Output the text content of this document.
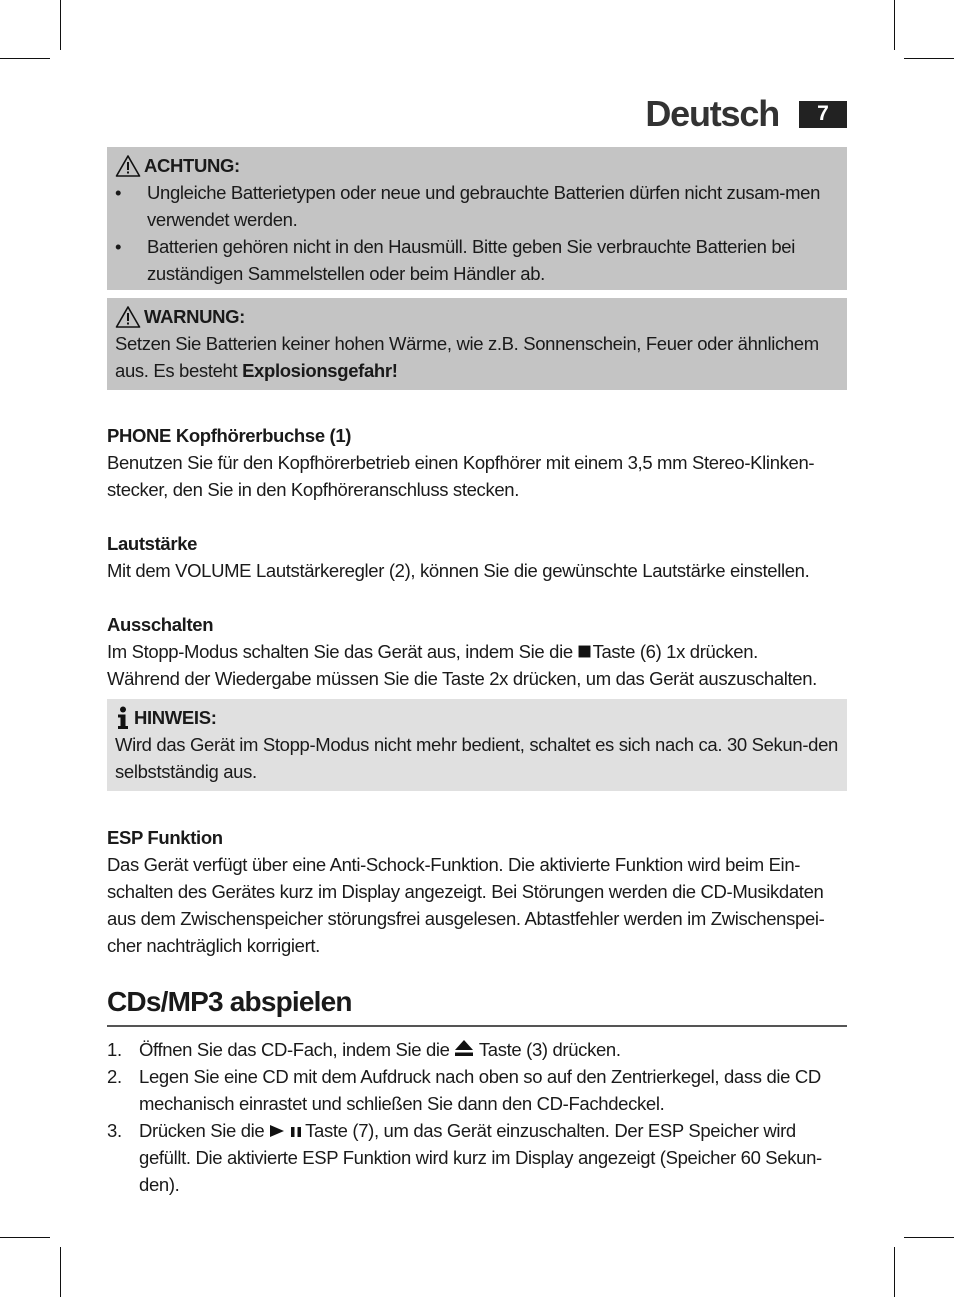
Deutsch	7
ACHTUNG:
• Ungleiche Batterietypen oder neue und gebrauchte Batterien dürfen nicht zusam-men verwendet werden.
• Batterien gehören nicht in den Hausmüll. Bitte geben Sie verbrauchte Batterien bei zuständigen Sammelstellen oder beim Händler ab.
WARNUNG:

Setzen Sie Batterien keiner hohen Wärme, wie z.B. Sonnenschein, Feuer oder ähnlichem aus. Es besteht Explosionsgefahr!

PHONE Kopfhörerbuchse (1)

Benutzen Sie für den Kopfhörerbetrieb einen Kopfhörer mit einem 3,5 mm Stereo-Klinken-stecker, den Sie in den Kopfhöreranschluss stecken.

Lautstärke

Mit dem VOLUME Lautstärkeregler (2), können Sie die gewünschte Lautstärke einstellen.

Ausschalten

Im Stopp-Modus schalten Sie das Gerät aus, indem Sie die Taste (6) 1x drücken.

Während der Wiedergabe müssen Sie die Taste 2x drücken, um das Gerät auszuschalten.

HINWEIS:

Wird das Gerät im Stopp-Modus nicht mehr bedient, schaltet es sich nach ca. 30 Sekun-den selbstständig aus.

ESP Funktion

Das Gerät verfügt über eine Anti-Schock-Funktion. Die aktivierte Funktion wird beim Ein-schalten des Gerätes kurz im Display angezeigt. Bei Störungen werden die CD-Musikdaten aus dem Zwischenspeicher störungsfrei ausgelesen. Abtastfehler werden im Zwischenspei-cher nachträglich korrigiert.

CDs/MP3 abspielen
1. Öffnen Sie das CD-Fach, indem Sie die  Taste (3) drücken.
2. Legen Sie eine CD mit dem Aufdruck nach oben so auf den Zentrierkegel, dass die CD mechanisch einrastet und schließen Sie dann den CD-Fachdeckel.
3. Drücken Sie die Taste (7), um das Gerät einzuschalten. Der ESP Speicher wird gefüllt. Die aktivierte ESP Funktion wird kurz im Display angezeigt (Speicher 60 Sekun-den).
